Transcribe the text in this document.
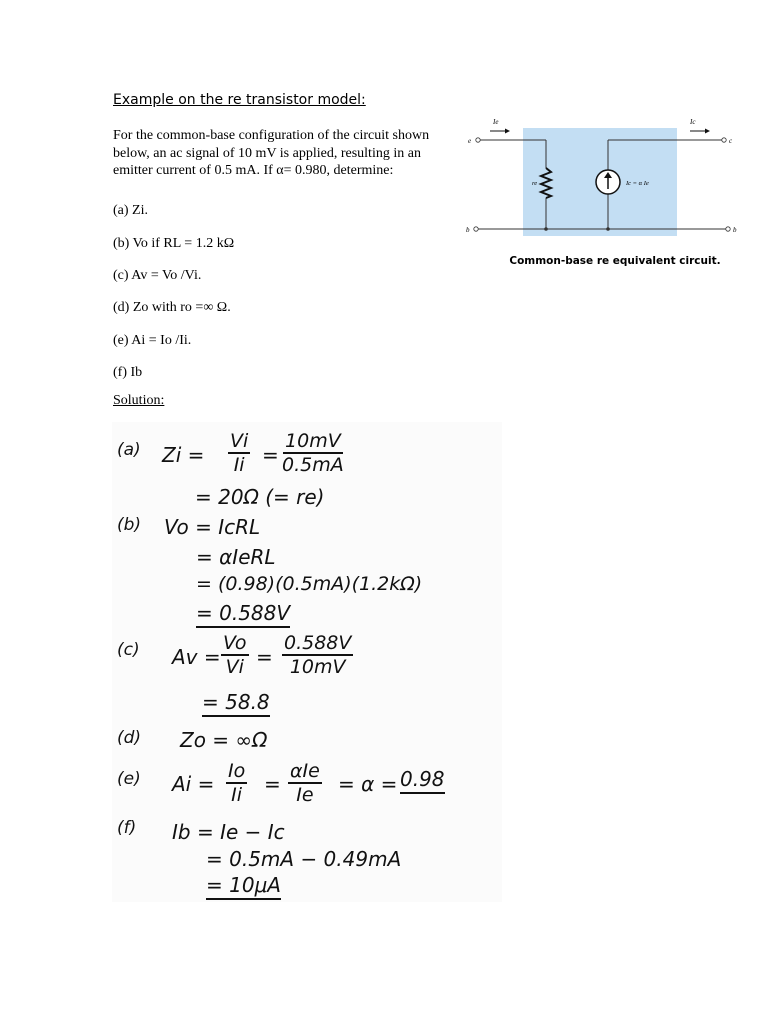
Example on the re transistor model:
For the common-base configuration of the circuit shown below, an ac signal of 10 mV is applied, resulting in an emitter current of 0.5 mA. If α= 0.980, determine:
(a) Zi.
(b) Vo if RL = 1.2 kΩ
(c) Av = Vo /Vi.
(d) Zo with ro =∞ Ω.
(e) Ai = Io /Ii.
(f) Ib
Solution:
Ie	Ic
e	c
b	b
re	Ic = α Ie
Common-base re equivalent circuit.
(a) $Zi = \frac{Vi}{Ii} = \frac{10mV}{0.5mA}$
= 20Ω (= re)
(b) Vo = IcRL
= αIeRL
= (0.98)(0.5mA)(1.2kΩ)
= 0.588V
(c) $Av = \frac{Vo}{Vi} = \frac{0.588V}{10mV}$
= 58.8
(d) Zo = ∞Ω
(e) $Ai = \frac{Io}{Ii}$ =
αIe
Ie = α = 0.98
(f) Ib = Ie − Ic
= 0.5mA − 0.49mA
= 10μA
